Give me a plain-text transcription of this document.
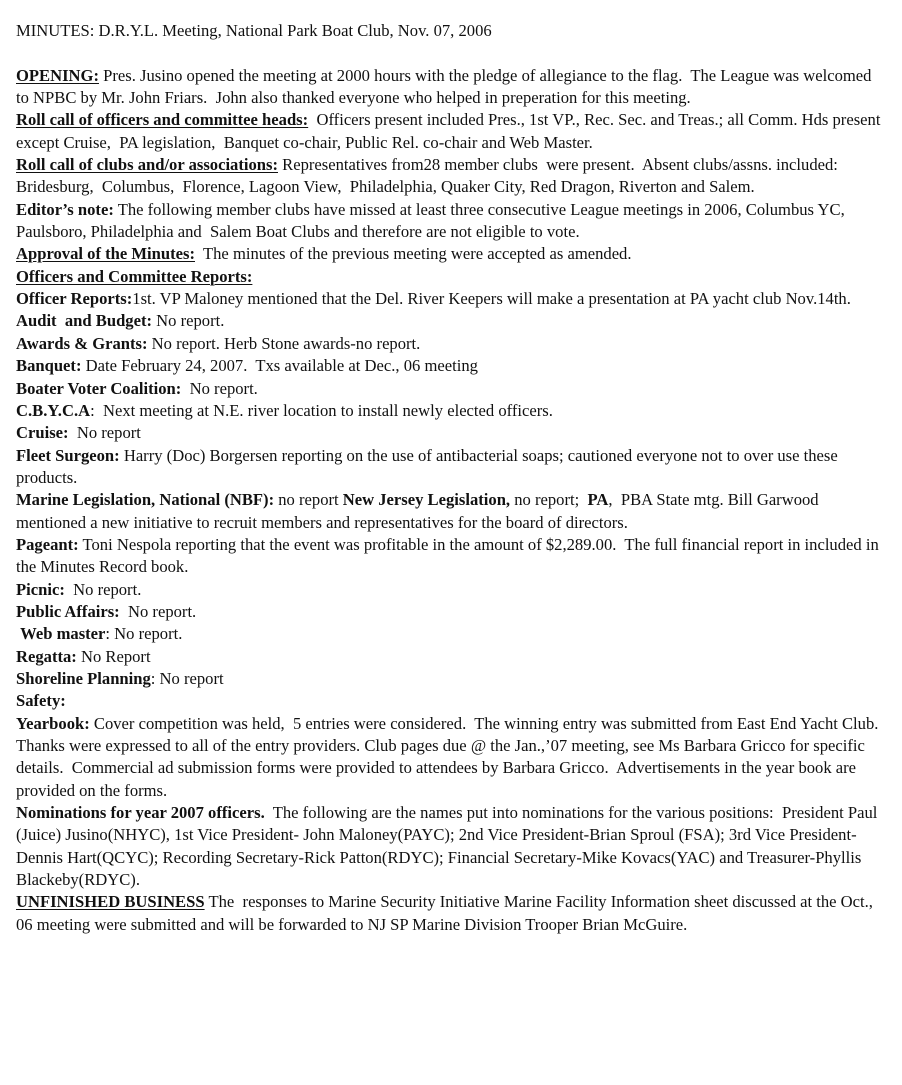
MINUTES: D.R.Y.L. Meeting, National Park Boat Club, Nov. 07, 2006

OPENING: Pres. Jusino opened the meeting at 2000 hours with the pledge of allegiance to the flag.  The League was welcomed to NPBC by Mr. John Friars.  John also thanked everyone who helped in preperation for this meeting.

Roll call of officers and committee heads:  Officers present included Pres., 1st VP., Rec. Sec. and Treas.; all Comm. Hds present except Cruise,  PA legislation,  Banquet co-chair, Public Rel. co-chair and Web Master.

Roll call of clubs and/or associations: Representatives from28 member clubs  were present.  Absent clubs/assns. included: Bridesburg,  Columbus,  Florence, Lagoon View,  Philadelphia, Quaker City, Red Dragon, Riverton and Salem.

Editor’s note: The following member clubs have missed at least three consecutive League meetings in 2006, Columbus YC, Paulsboro, Philadelphia and  Salem Boat Clubs and therefore are not eligible to vote.

Approval of the Minutes:  The minutes of the previous meeting were accepted as amended.

Officers and Committee Reports:

Officer Reports:1st. VP Maloney mentioned that the Del. River Keepers will make a presentation at PA yacht club Nov.14th.

Audit  and Budget: No report.

Awards & Grants: No report. Herb Stone awards-no report.

Banquet: Date February 24, 2007.  Txs available at Dec., 06 meeting

Boater Voter Coalition:  No report.

C.B.Y.C.A:  Next meeting at N.E. river location to install newly elected officers.

Cruise:  No report

Fleet Surgeon: Harry (Doc) Borgersen reporting on the use of antibacterial soaps; cautioned everyone not to over use these products.

Marine Legislation, National (NBF): no report New Jersey Legislation, no report;  PA,  PBA State mtg. Bill Garwood mentioned a new initiative to recruit members and representatives for the board of directors.

Pageant: Toni Nespola reporting that the event was profitable in the amount of $2,289.00.  The full financial report in included in the Minutes Record book.

Picnic:  No report.

Public Affairs:  No report.

Web master: No report.

Regatta: No Report

Shoreline Planning: No report

Safety:

Yearbook: Cover competition was held,  5 entries were considered.  The winning entry was submitted from East End Yacht Club.  Thanks were expressed to all of the entry providers. Club pages due @ the Jan.,’07 meeting, see Ms Barbara Gricco for specific details.  Commercial ad submission forms were provided to attendees by Barbara Gricco.  Advertisements in the year book are provided on the forms.

Nominations for year 2007 officers.  The following are the names put into nominations for the various positions:  President Paul (Juice) Jusino(NHYC), 1st Vice President- John Maloney(PAYC); 2nd Vice President-Brian Sproul (FSA); 3rd Vice President-Dennis Hart(QCYC); Recording Secretary-Rick Patton(RDYC); Financial Secretary-Mike Kovacs(YAC) and Treasurer-Phyllis Blackeby(RDYC).

UNFINISHED BUSINESS The  responses to Marine Security Initiative Marine Facility Information sheet discussed at the Oct., 06 meeting were submitted and will be forwarded to NJ SP Marine Division Trooper Brian McGuire.
